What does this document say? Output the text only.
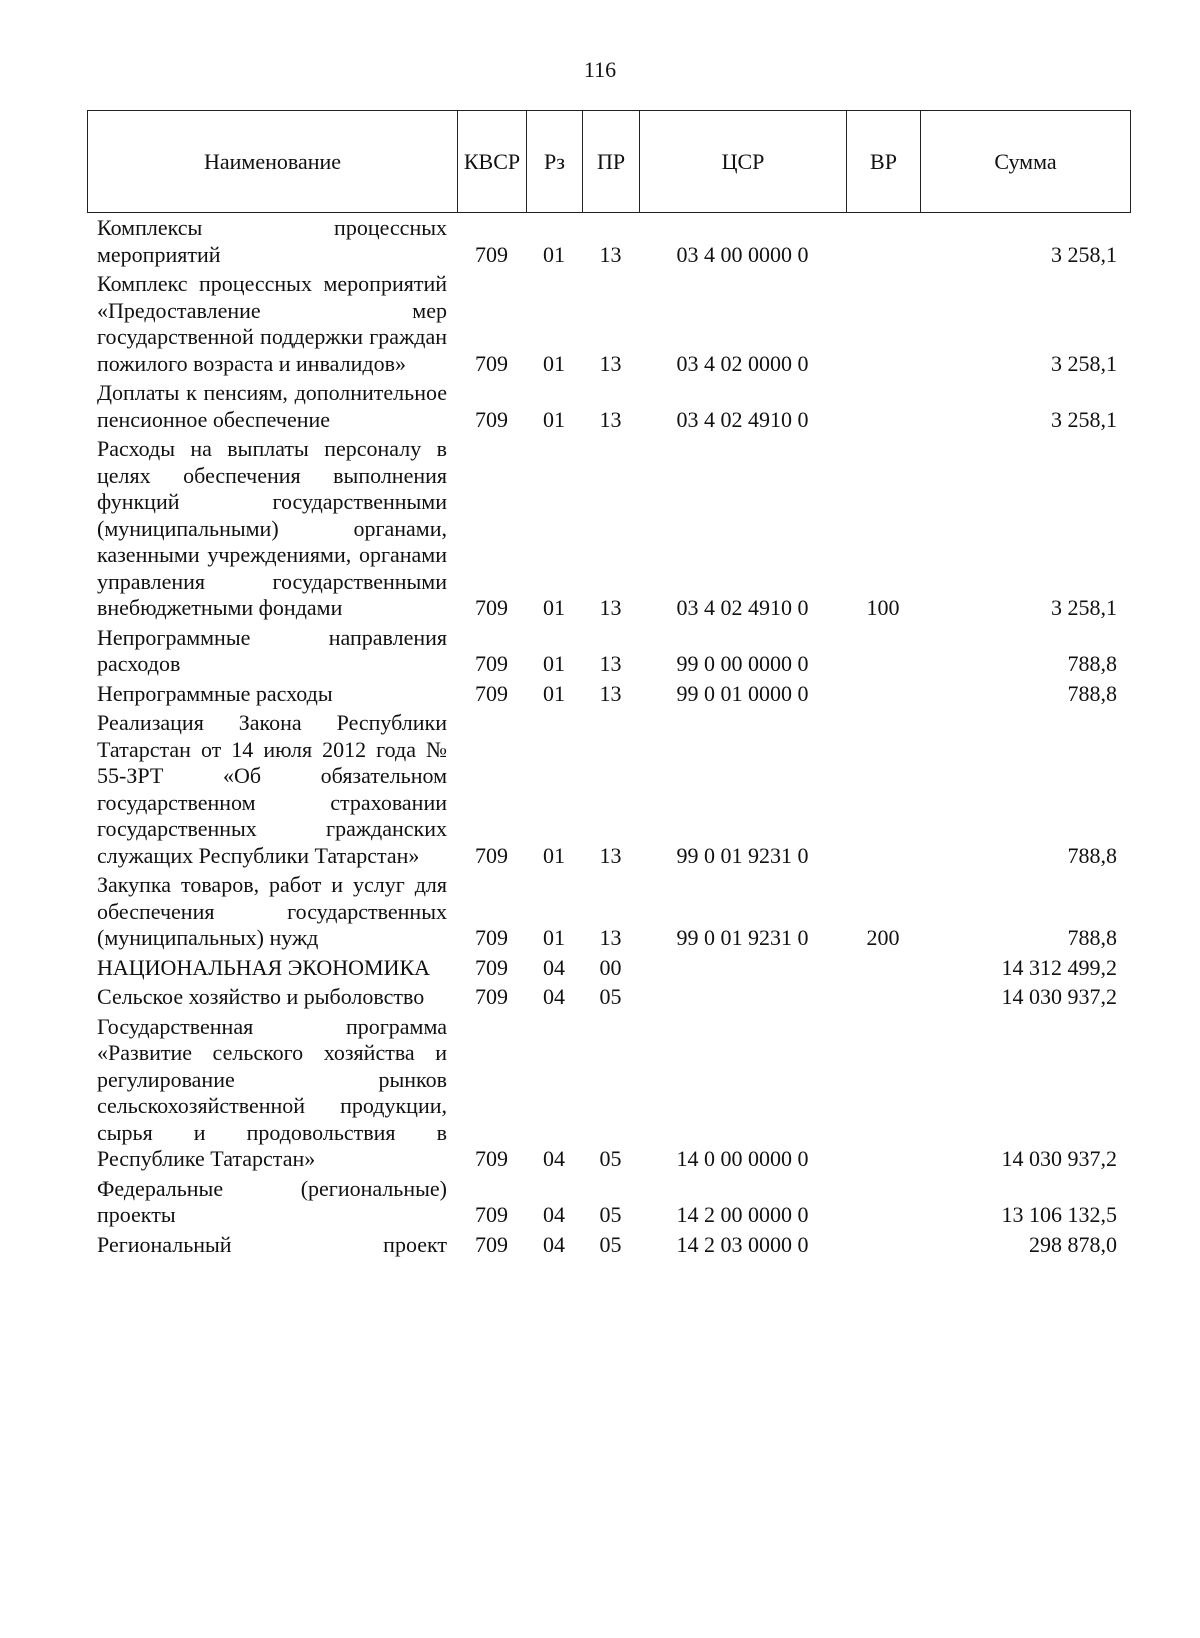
116
Наименование	КВСР	Рз	ПР	ЦСР	ВР	Сумма
Комплексы процессных мероприятий	709	01	13	03 4 00 0000 0		3 258,1
Комплекс процессных мероприятий «Предоставление мер государственной поддержки граждан пожилого возраста и инвалидов»	709	01	13	03 4 02 0000 0		3 258,1
Доплаты к пенсиям, дополнительное пенсионное обеспечение	709	01	13	03 4 02 4910 0		3 258,1
Расходы на выплаты персоналу в целях обеспечения выполнения функций государственными (муниципальными) органами, казенными учреждениями, органами управления государственными внебюджетными фондами	709	01	13	03 4 02 4910 0	100	3 258,1
Непрограммные направления расходов	709	01	13	99 0 00 0000 0		788,8
Непрограммные расходы	709	01	13	99 0 01 0000 0		788,8
Реализация Закона Республики Татарстан от 14 июля 2012 года № 55-ЗРТ «Об обязательном государственном страховании государственных гражданских служащих Республики Татарстан»	709	01	13	99 0 01 9231 0		788,8
Закупка товаров, работ и услуг для обеспечения государственных (муниципальных) нужд	709	01	13	99 0 01 9231 0	200	788,8
НАЦИОНАЛЬНАЯ ЭКОНОМИКА	709	04	00			14 312 499,2
Сельское хозяйство и рыболовство	709	04	05			14 030 937,2
Государственная программа «Развитие сельского хозяйства и регулирование рынков сельскохозяйственной продукции, сырья и продовольствия в Республике Татарстан»	709	04	05	14 0 00 0000 0		14 030 937,2
Федеральные (региональные) проекты	709	04	05	14 2 00 0000 0		13 106 132,5
Региональный проект	709	04	05	14 2 03 0000 0		298 878,0
